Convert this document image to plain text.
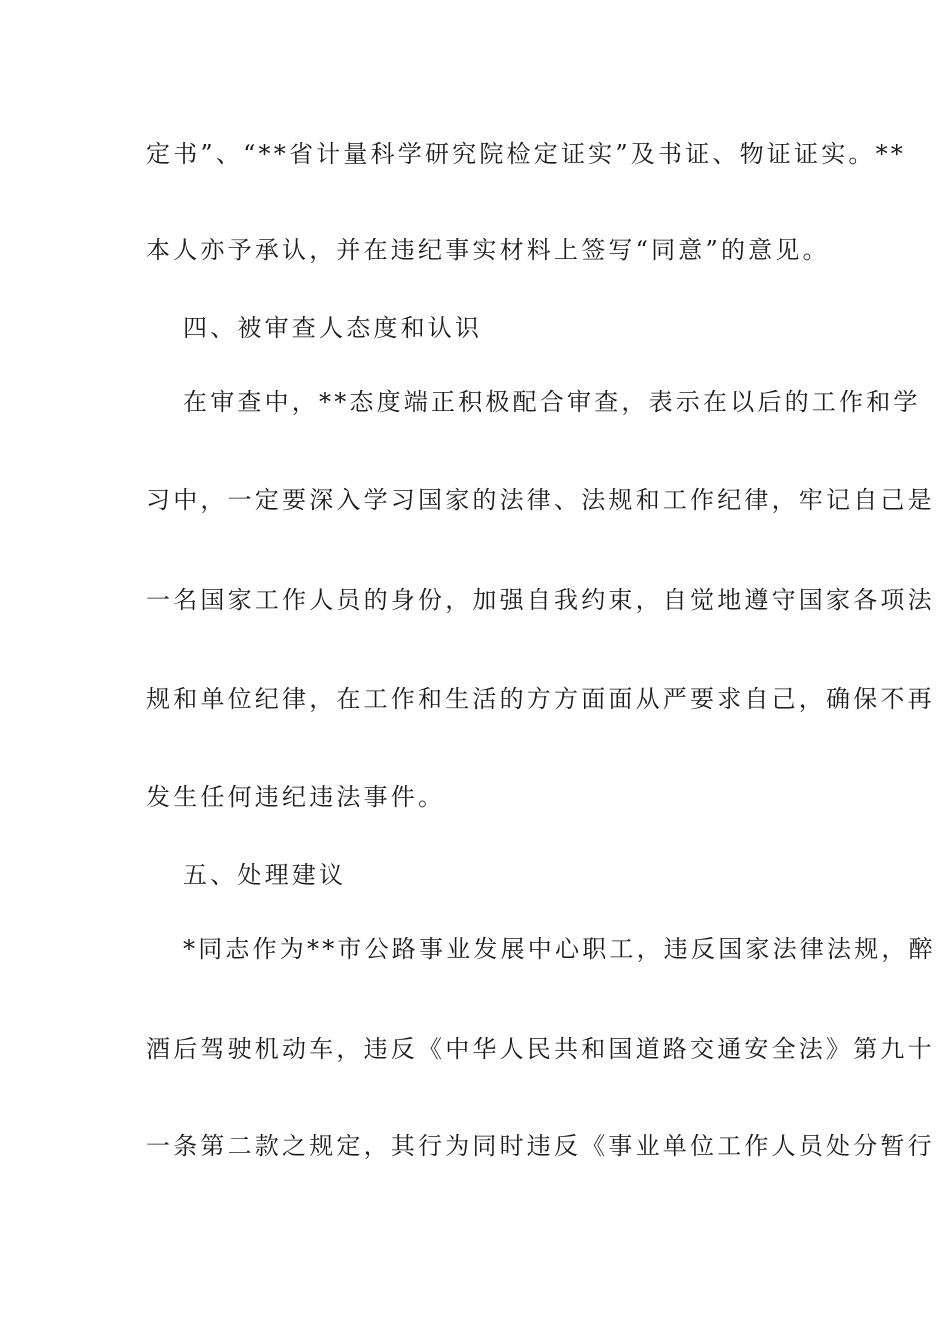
定书”、“**省计量科学研究院检定证实”及书证、物证证实。**

本人亦予承认，并在违纪事实材料上签写“同意”的意见。

四、被审查人态度和认识

在审查中，**态度端正积极配合审查，表示在以后的工作和学

习中，一定要深入学习国家的法律、法规和工作纪律，牢记自己是

一名国家工作人员的身份，加强自我约束，自觉地遵守国家各项法

规和单位纪律，在工作和生活的方方面面从严要求自己，确保不再

发生任何违纪违法事件。

五、处理建议

*同志作为**市公路事业发展中心职工，违反国家法律法规，醉

酒后驾驶机动车，违反《中华人民共和国道路交通安全法》第九十

一条第二款之规定，其行为同时违反《事业单位工作人员处分暂行
